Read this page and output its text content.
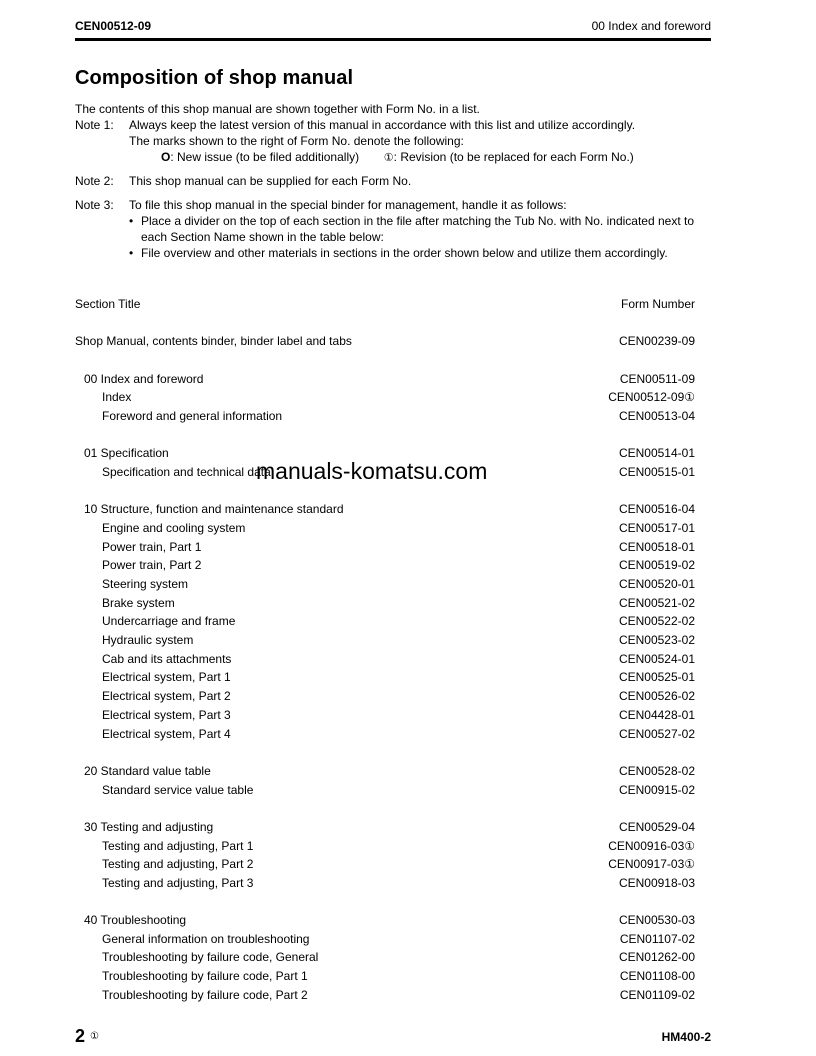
CEN00512-09	00 Index and foreword
Composition of shop manual
The contents of this shop manual are shown together with Form No. in a list.
Note 1: Always keep the latest version of this manual in accordance with this list and utilize accordingly.
The marks shown to the right of Form No. denote the following:
O: New issue (to be filed additionally) ①: Revision (to be replaced for each Form No.)
Note 2: This shop manual can be supplied for each Form No.
Note 3: To file this shop manual in the special binder for management, handle it as follows:
• Place a divider on the top of each section in the file after matching the Tub No. with No. indicated next to each Section Name shown in the table below:
• File overview and other materials in sections in the order shown below and utilize them accordingly.
Section Title	Form Number
Shop Manual, contents binder, binder label and tabs	CEN00239-09
00 Index and foreword	CEN00511-09
Index	CEN00512-09①
Foreword and general information	CEN00513-04
01 Specification	CEN00514-01
Specification and technical data	CEN00515-01
10 Structure, function and maintenance standard	CEN00516-04
Engine and cooling system	CEN00517-01
Power train, Part 1	CEN00518-01
Power train, Part 2	CEN00519-02
Steering system	CEN00520-01
Brake system	CEN00521-02
Undercarriage and frame	CEN00522-02
Hydraulic system	CEN00523-02
Cab and its attachments	CEN00524-01
Electrical system, Part 1	CEN00525-01
Electrical system, Part 2	CEN00526-02
Electrical system, Part 3	CEN04428-01
Electrical system, Part 4	CEN00527-02
20 Standard value table	CEN00528-02
Standard service value table	CEN00915-02
30 Testing and adjusting	CEN00529-04
Testing and adjusting, Part 1	CEN00916-03①
Testing and adjusting, Part 2	CEN00917-03①
Testing and adjusting, Part 3	CEN00918-03
40 Troubleshooting	CEN00530-03
General information on troubleshooting	CEN01107-02
Troubleshooting by failure code, General	CEN01262-00
Troubleshooting by failure code, Part 1	CEN01108-00
Troubleshooting by failure code, Part 2	CEN01109-02
manuals-komatsu.com
2 ①	HM400-2
